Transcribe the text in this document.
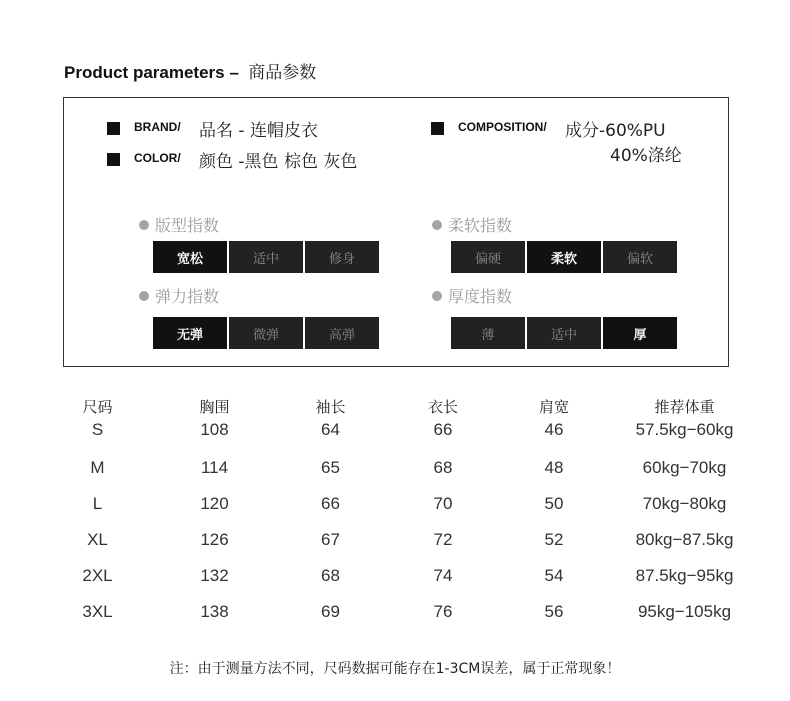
Product parameters – 商品参数
BRAND/ 品名 - 连帽皮衣
COLOR/ 颜色 -黑色 棕色 灰色
COMPOSITION/ 成分-60%PU
40%涤纶
版型指数
宽松	适中	修身
柔软指数
偏硬	柔软	偏软
弹力指数
无弹	微弹	高弹
厚度指数
薄	适中	厚
尺码	胸围	袖长	衣长	肩宽	推荐体重
S	108	64	66	46	57.5kg−60kg
M	114	65	68	48	60kg−70kg
L	120	66	70	50	70kg−80kg
XL	126	67	72	52	80kg−87.5kg
2XL	132	68	74	54	87.5kg−95kg
3XL	138	69	76	56	95kg−105kg
注：由于测量方法不同，尺码数据可能存在1-3CM误差，属于正常现象！
